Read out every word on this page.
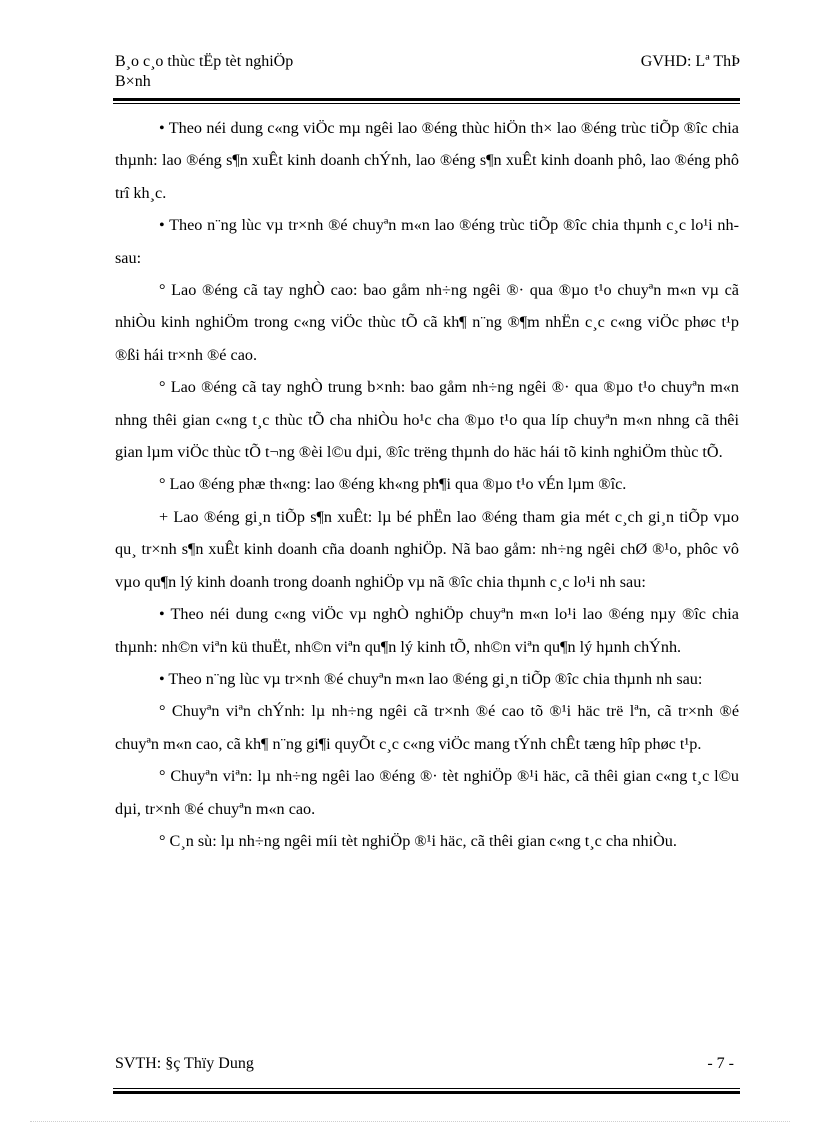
B¸o c¸o thùc tËp tèt nghiÖp
B×nh
GVHD: Lª ThÞ

• Theo néi dung c«ng viÖc mµ ngêi lao ®éng thùc hiÖn th× lao ®éng trùc tiÕp ®îc chia thµnh: lao ®éng s¶n xuÊt kinh doanh chÝnh, lao ®éng s¶n xuÊt kinh doanh phô, lao ®éng phô trî kh¸c.

• Theo n¨ng lùc vµ tr×nh ®é chuyªn m«n lao ®éng trùc tiÕp ®îc chia thµnh c¸c lo¹i nh sau:

° Lao ®éng cã tay nghÒ cao: bao gåm nh÷ng ngêi ®· qua ®µo t¹o chuyªn m«n vµ cã nhiÒu kinh nghiÖm trong c«ng viÖc thùc tÕ cã kh¶ n¨ng ®¶m nhËn c¸c c«ng viÖc phøc t¹p ®ßi hái tr×nh ®é cao.

° Lao ®éng cã tay nghÒ trung b×nh: bao gåm nh÷ng ngêi ®· qua ®µo t¹o chuyªn m«n nhng thêi gian c«ng t¸c thùc tÕ cha nhiÒu ho¹c cha ®µo t¹o qua líp chuyªn m«n nhng cã thêi gian lµm viÖc thùc tÕ t¬ng ®èi l©u dµi, ®îc trëng thµnh do häc hái tõ kinh nghiÖm thùc tÕ.

° Lao ®éng phæ th«ng: lao ®éng kh«ng ph¶i qua ®µo t¹o vÉn lµm ®îc.

+ Lao ®éng gi¸n tiÕp s¶n xuÊt: lµ bé phËn lao ®éng tham gia mét c¸ch gi¸n tiÕp vµo qu¸ tr×nh s¶n xuÊt kinh doanh cña doanh nghiÖp. Nã bao gåm: nh÷ng ngêi chØ ®¹o, phôc vô vµo qu¶n lý kinh doanh trong doanh nghiÖp vµ nã ®îc chia thµnh c¸c lo¹i nh sau:

• Theo néi dung c«ng viÖc vµ nghÒ nghiÖp chuyªn m«n lo¹i lao ®éng nµy ®îc chia thµnh: nh©n viªn kü thuËt, nh©n viªn qu¶n lý kinh tÕ, nh©n viªn qu¶n lý hµnh chÝnh.

• Theo n¨ng lùc vµ tr×nh ®é chuyªn m«n lao ®éng gi¸n tiÕp ®îc chia thµnh nh sau:

° Chuyªn viªn chÝnh: lµ nh÷ng ngêi cã tr×nh ®é cao tõ ®¹i häc trë lªn, cã tr×nh ®é chuyªn m«n cao, cã kh¶ n¨ng gi¶i quyÕt c¸c c«ng viÖc mang tÝnh chÊt tæng hîp phøc t¹p.

° Chuyªn viªn: lµ nh÷ng ngêi lao ®éng ®· tèt nghiÖp ®¹i häc, cã thêi gian c«ng t¸c l©u dµi, tr×nh ®é chuyªn m«n cao.

° C¸n sù: lµ nh÷ng ngêi míi tèt nghiÖp ®¹i häc, cã thêi gian c«ng t¸c cha nhiÒu.

SVTH: §ç Thïy Dung	- 7 -
